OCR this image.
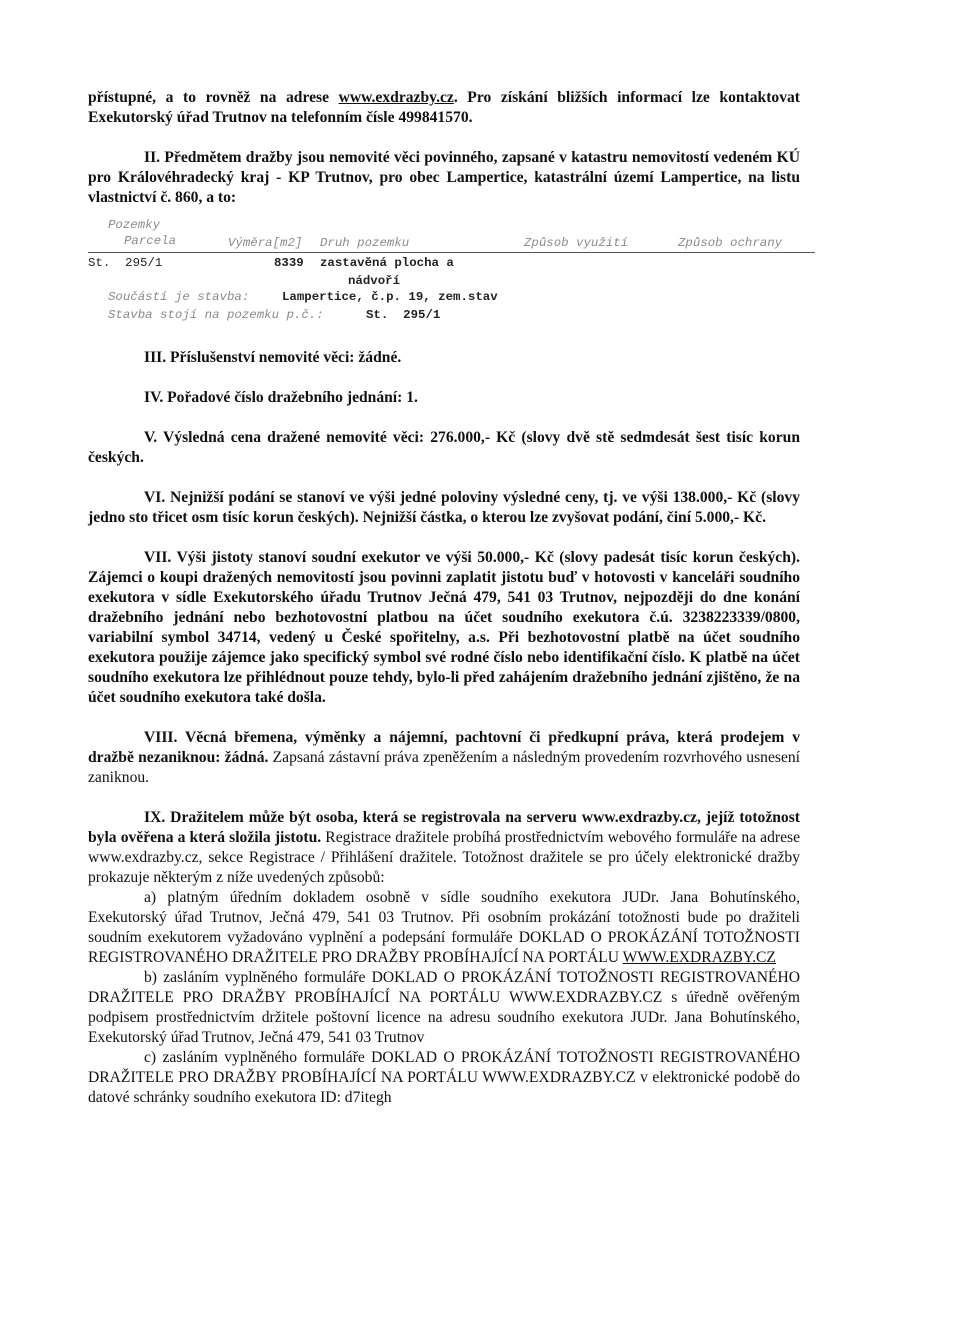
přístupné, a to rovněž na adrese www.exdrazby.cz. Pro získání bližších informací lze kontaktovat Exekutorský úřad Trutnov na telefonním čísle 499841570.

II. Předmětem dražby jsou nemovité věci povinného, zapsané v katastru nemovitostí vedeném KÚ pro Královéhradecký kraj - KP Trutnov, pro obec Lampertice, katastrální území Lampertice, na listu vlastnictví č. 860, a to:

Pozemky
Parcela	Výměra[m2] Druh pozemku	Způsob využití	Způsob ochrany
St.  295/1	8339 zastavěná plocha a
nádvoří
Součástí je stavba:	Lampertice, č.p. 19, zem.stav
Stavba stojí na pozemku p.č.:	St.  295/1

III. Příslušenství nemovité věci: žádné.

IV. Pořadové číslo dražebního jednání: 1.

V. Výsledná cena dražené nemovité věci: 276.000,- Kč (slovy dvě stě sedmdesát šest tisíc korun českých.

VI. Nejnižší podání se stanoví ve výši jedné poloviny výsledné ceny, tj. ve výši 138.000,- Kč (slovy jedno sto třicet osm tisíc korun českých). Nejnižší částka, o kterou lze zvyšovat podání, činí 5.000,- Kč.

VII. Výši jistoty stanoví soudní exekutor ve výši 50.000,- Kč (slovy padesát tisíc korun českých). Zájemci o koupi dražených nemovitostí jsou povinni zaplatit jistotu buď v hotovosti v kanceláři soudního exekutora v sídle Exekutorského úřadu Trutnov Ječná 479, 541 03 Trutnov, nejpozději do dne konání dražebního jednání nebo bezhotovostní platbou na účet soudního exekutora č.ú. 3238223339/0800, variabilní symbol 34714, vedený u České spořitelny, a.s. Při bezhotovostní platbě na účet soudního exekutora použije zájemce jako specifický symbol své rodné číslo nebo identifikační číslo. K platbě na účet soudního exekutora lze přihlédnout pouze tehdy, bylo-li před zahájením dražebního jednání zjištěno, že na účet soudního exekutora také došla.

VIII. Věcná břemena, výměnky a nájemní, pachtovní či předkupní práva, která prodejem v dražbě nezaniknou: žádná. Zapsaná zástavní práva zpeněžením a následným provedením rozvrhového usnesení zaniknou.

IX. Dražitelem může být osoba, která se registrovala na serveru www.exdrazby.cz, jejíž totožnost byla ověřena a která složila jistotu. Registrace dražitele probíhá prostřednictvím webového formuláře na adrese www.exdrazby.cz, sekce Registrace / Přihlášení dražitele. Totožnost dražitele se pro účely elektronické dražby prokazuje některým z níže uvedených způsobů:

a) platným úředním dokladem osobně v sídle soudního exekutora JUDr. Jana Bohutínského, Exekutorský úřad Trutnov, Ječná 479, 541 03 Trutnov. Při osobním prokázání totožnosti bude po dražiteli soudním exekutorem vyžadováno vyplnění a podepsání formuláře DOKLAD O PROKÁZÁNÍ TOTOŽNOSTI REGISTROVANÉHO DRAŽITELE PRO DRAŽBY PROBÍHAJÍCÍ NA PORTÁLU WWW.EXDRAZBY.CZ

b) zasláním vyplněného formuláře DOKLAD O PROKÁZÁNÍ TOTOŽNOSTI REGISTROVANÉHO DRAŽITELE PRO DRAŽBY PROBÍHAJÍCÍ NA PORTÁLU WWW.EXDRAZBY.CZ s úředně ověřeným podpisem prostřednictvím držitele poštovní licence na adresu soudního exekutora JUDr. Jana Bohutínského, Exekutorský úřad Trutnov, Ječná 479, 541 03 Trutnov

c) zasláním vyplněného formuláře DOKLAD O PROKÁZÁNÍ TOTOŽNOSTI REGISTROVANÉHO DRAŽITELE PRO DRAŽBY PROBÍHAJÍCÍ NA PORTÁLU WWW.EXDRAZBY.CZ v elektronické podobě do datové schránky soudního exekutora ID: d7itegh
